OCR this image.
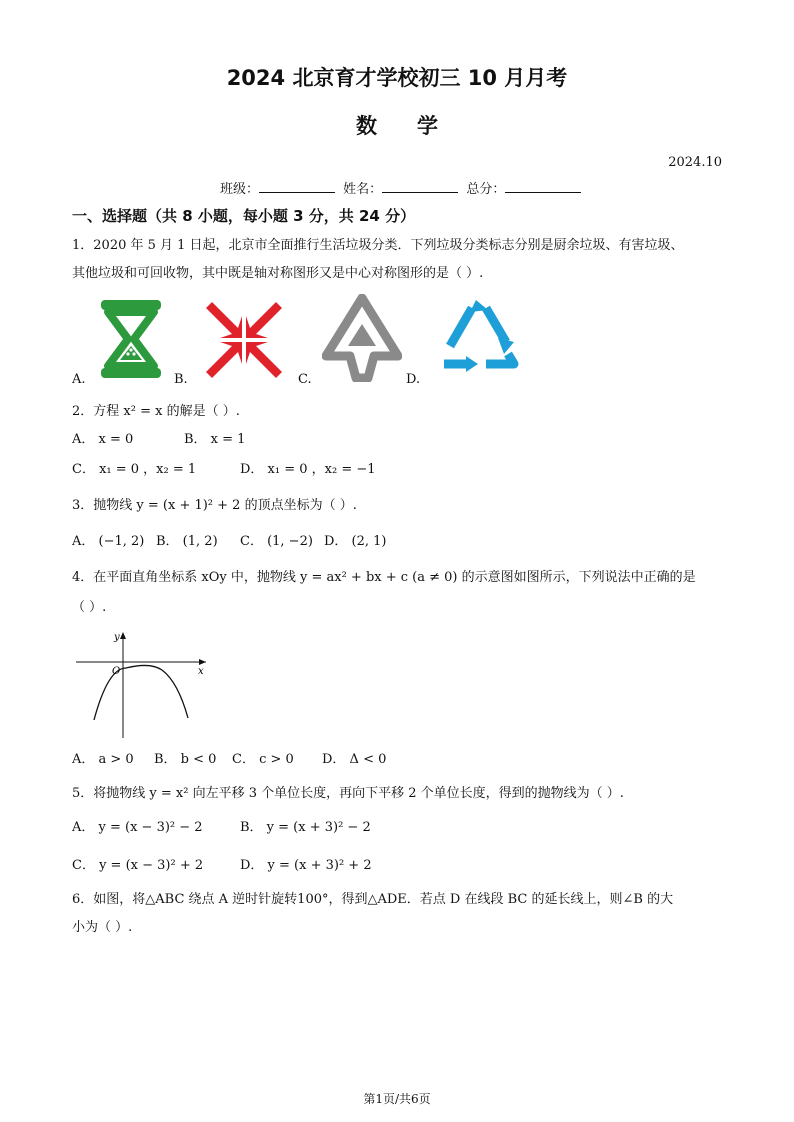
2024 北京育才学校初三 10 月月考
数学
2024.10
班级：	姓名：	总分：
一、选择题（共 8 小题，每小题 3 分，共 24 分）
1．2020 年 5 月 1 日起，北京市全面推行生活垃圾分类．下列垃圾分类标志分别是厨余垃圾、有害垃圾、
其他垃圾和可回收物，其中既是轴对称图形又是中心对称图形的是（ ）.
A.	B.	C.	D.
2．方程 x² = x 的解是（ ）.
A． x = 0	B． x = 1
C． x₁ = 0 ，x₂ = 1	D． x₁ = 0 ，x₂ = −1
3．抛物线 y = (x + 1)² + 2 的顶点坐标为（ ）.
A． (−1, 2) B． (1, 2) C． (1, −2) D． (2, 1)
4．在平面直角坐标系 xOy 中，抛物线 y = ax² + bx + c (a ≠ 0) 的示意图如图所示，下列说法中正确的是
（ ）.
y
x
O
A． a > 0 B． b < 0 C． c > 0 D． Δ < 0
5．将抛物线 y = x² 向左平移 3 个单位长度，再向下平移 2 个单位长度，得到的抛物线为（ ）.
A． y = (x − 3)² − 2	B． y = (x + 3)² − 2
C． y = (x − 3)² + 2	D． y = (x + 3)² + 2
6．如图，将△ABC 绕点 A 逆时针旋转100°，得到△ADE．若点 D 在线段 BC 的延长线上，则∠B 的大
小为（ ）.
第1页/共6页
